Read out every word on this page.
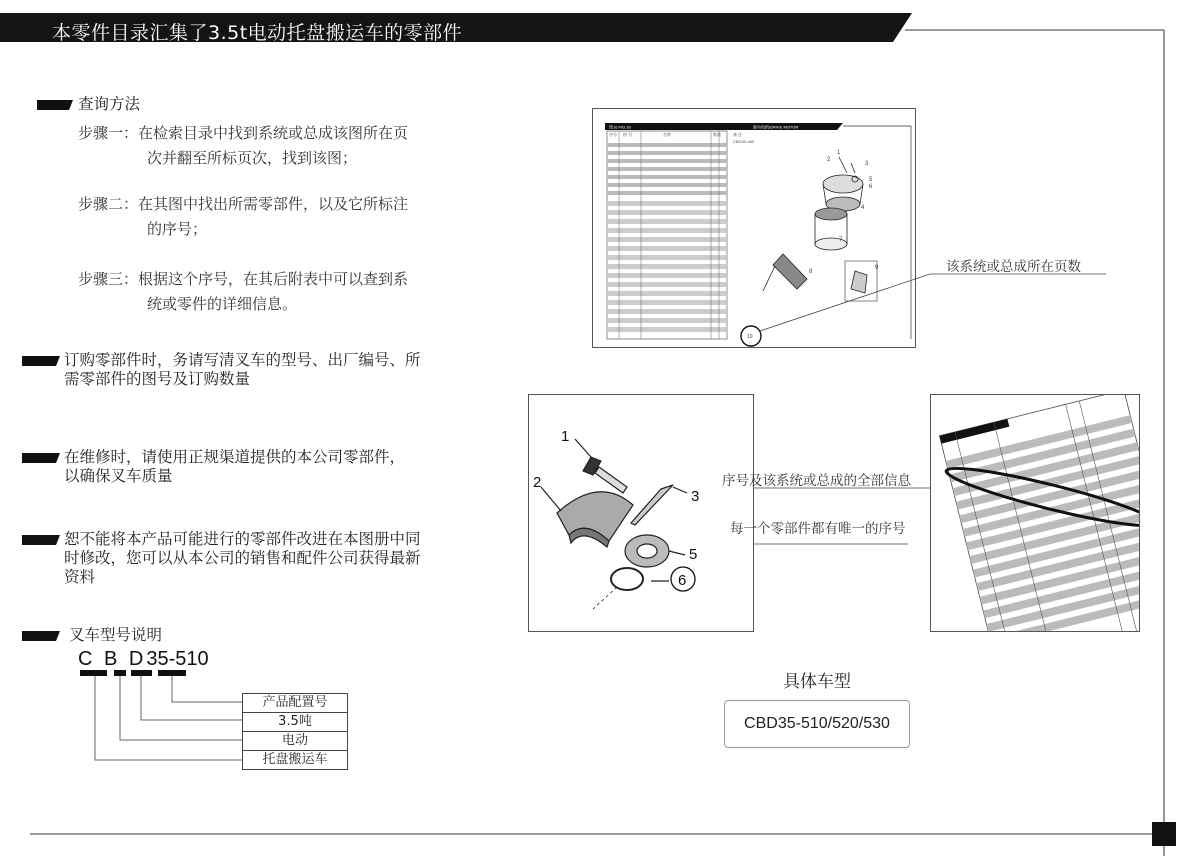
本零件目录汇集了3.5t电动托盘搬运车的零部件
查询方法
步骤一：在检索目录中找到系统或总成该图所在页
次并翻至所标页次，找到该图；
步骤二：在其图中找出所需零部件，以及它所标注
的序号；
步骤三：根据这个序号，在其后附表中可以查到系
统或零件的详细信息。
订购零部件时，务请写清叉车的型号、出厂编号、所
需零部件的图号及订购数量
在维修时，请使用正规渠道提供的本公司零部件，
以确保叉车质量
恕不能将本产品可能进行的零部件改进在本图册中同
时修改，您可以从本公司的销售和配件公司获得最新
资料
叉车型号说明
C B D35-510
产品配置号
3.5吨
电动
托盘搬运车
图16 FIG.16	驱动电机/DRIVE MOTOR
序号 图 号	名称	数量	备 注
CBD20-160
1
2
3
4
5
6
7
8
9
10
该系统或总成所在页数
1
2
3
5
6
序号及该系统或总成的全部信息
每一个零部件都有唯一的序号
具体车型
CBD35-510/520/530
